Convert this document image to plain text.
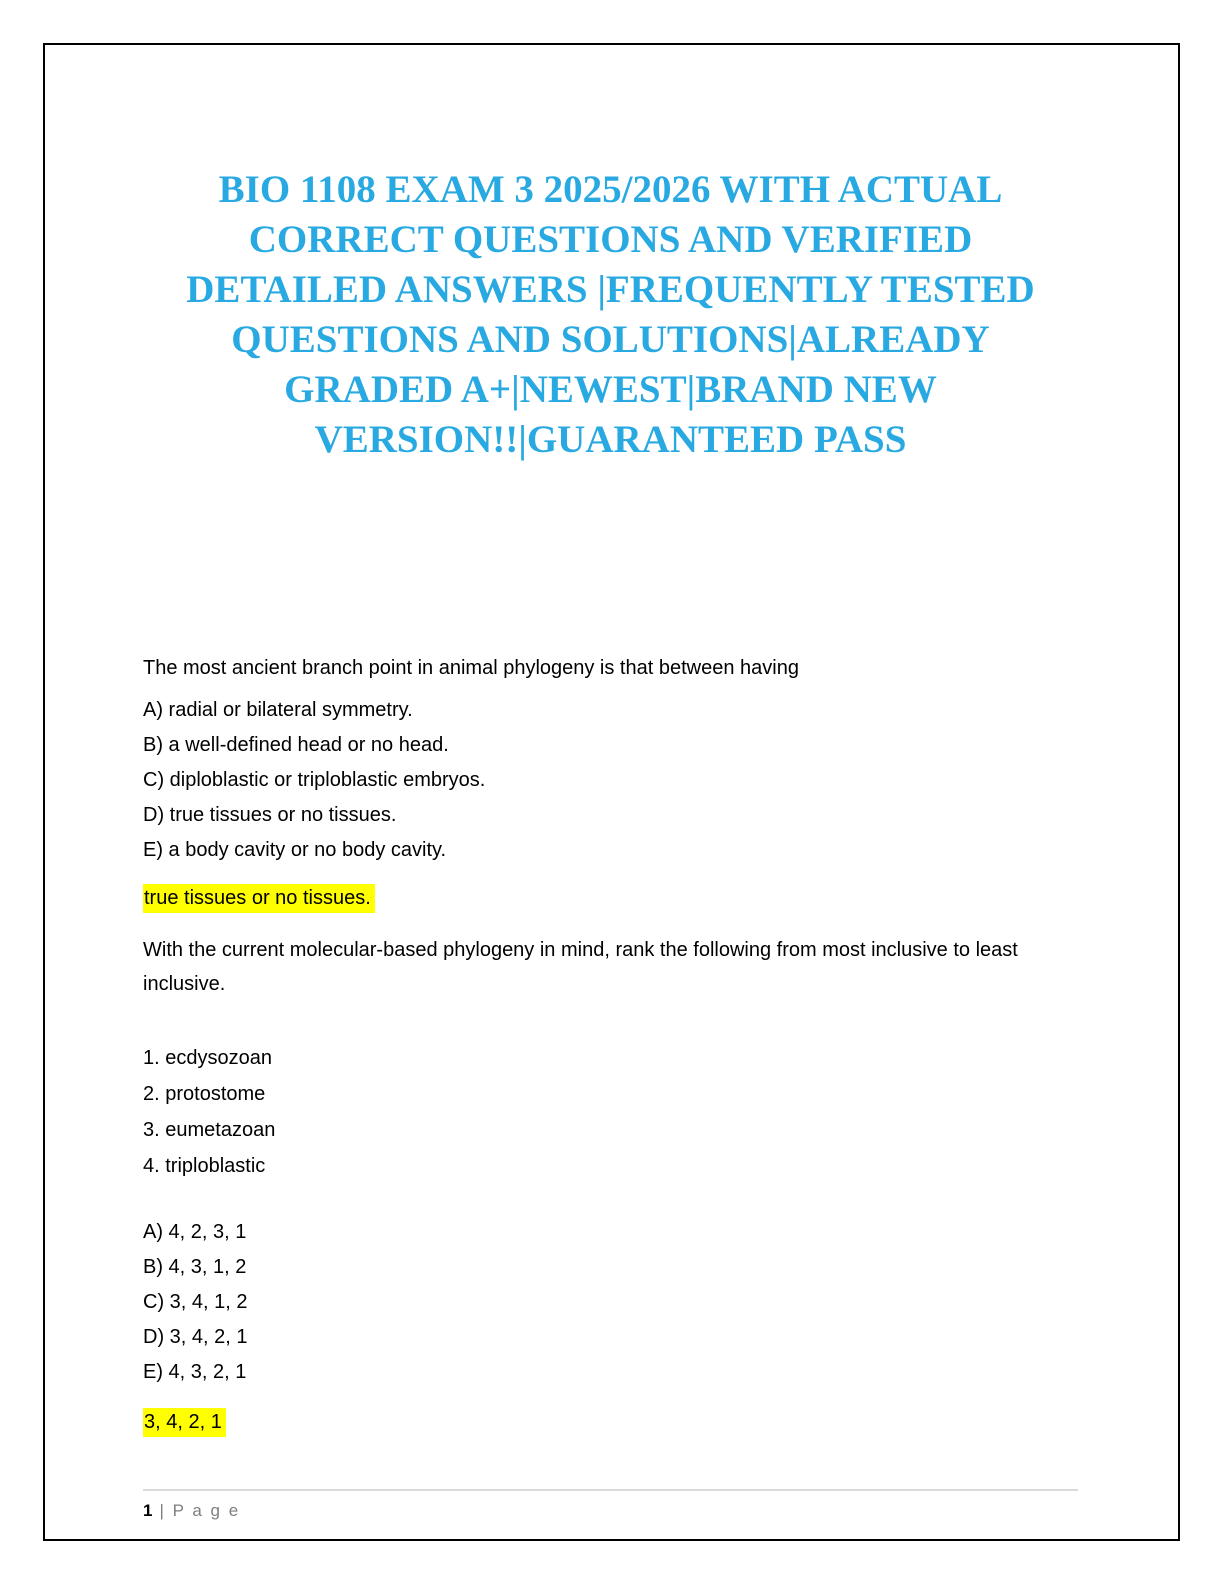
BIO 1108 EXAM 3 2025/2026 WITH ACTUAL CORRECT QUESTIONS AND VERIFIED DETAILED ANSWERS |FREQUENTLY TESTED QUESTIONS AND SOLUTIONS|ALREADY GRADED A+|NEWEST|BRAND NEW VERSION!!|GUARANTEED PASS

The most ancient branch point in animal phylogeny is that between having

A) radial or bilateral symmetry.

B) a well-defined head or no head.

C) diploblastic or triploblastic embryos.

D) true tissues or no tissues.

E) a body cavity or no body cavity.

true tissues or no tissues.

With the current molecular-based phylogeny in mind, rank the following from most inclusive to least inclusive.

1. ecdysozoan

2. protostome

3. eumetazoan

4. triploblastic

A) 4, 2, 3, 1

B) 4, 3, 1, 2

C) 3, 4, 1, 2

D) 3, 4, 2, 1

E) 4, 3, 2, 1

3, 4, 2, 1

1 | P a g e
